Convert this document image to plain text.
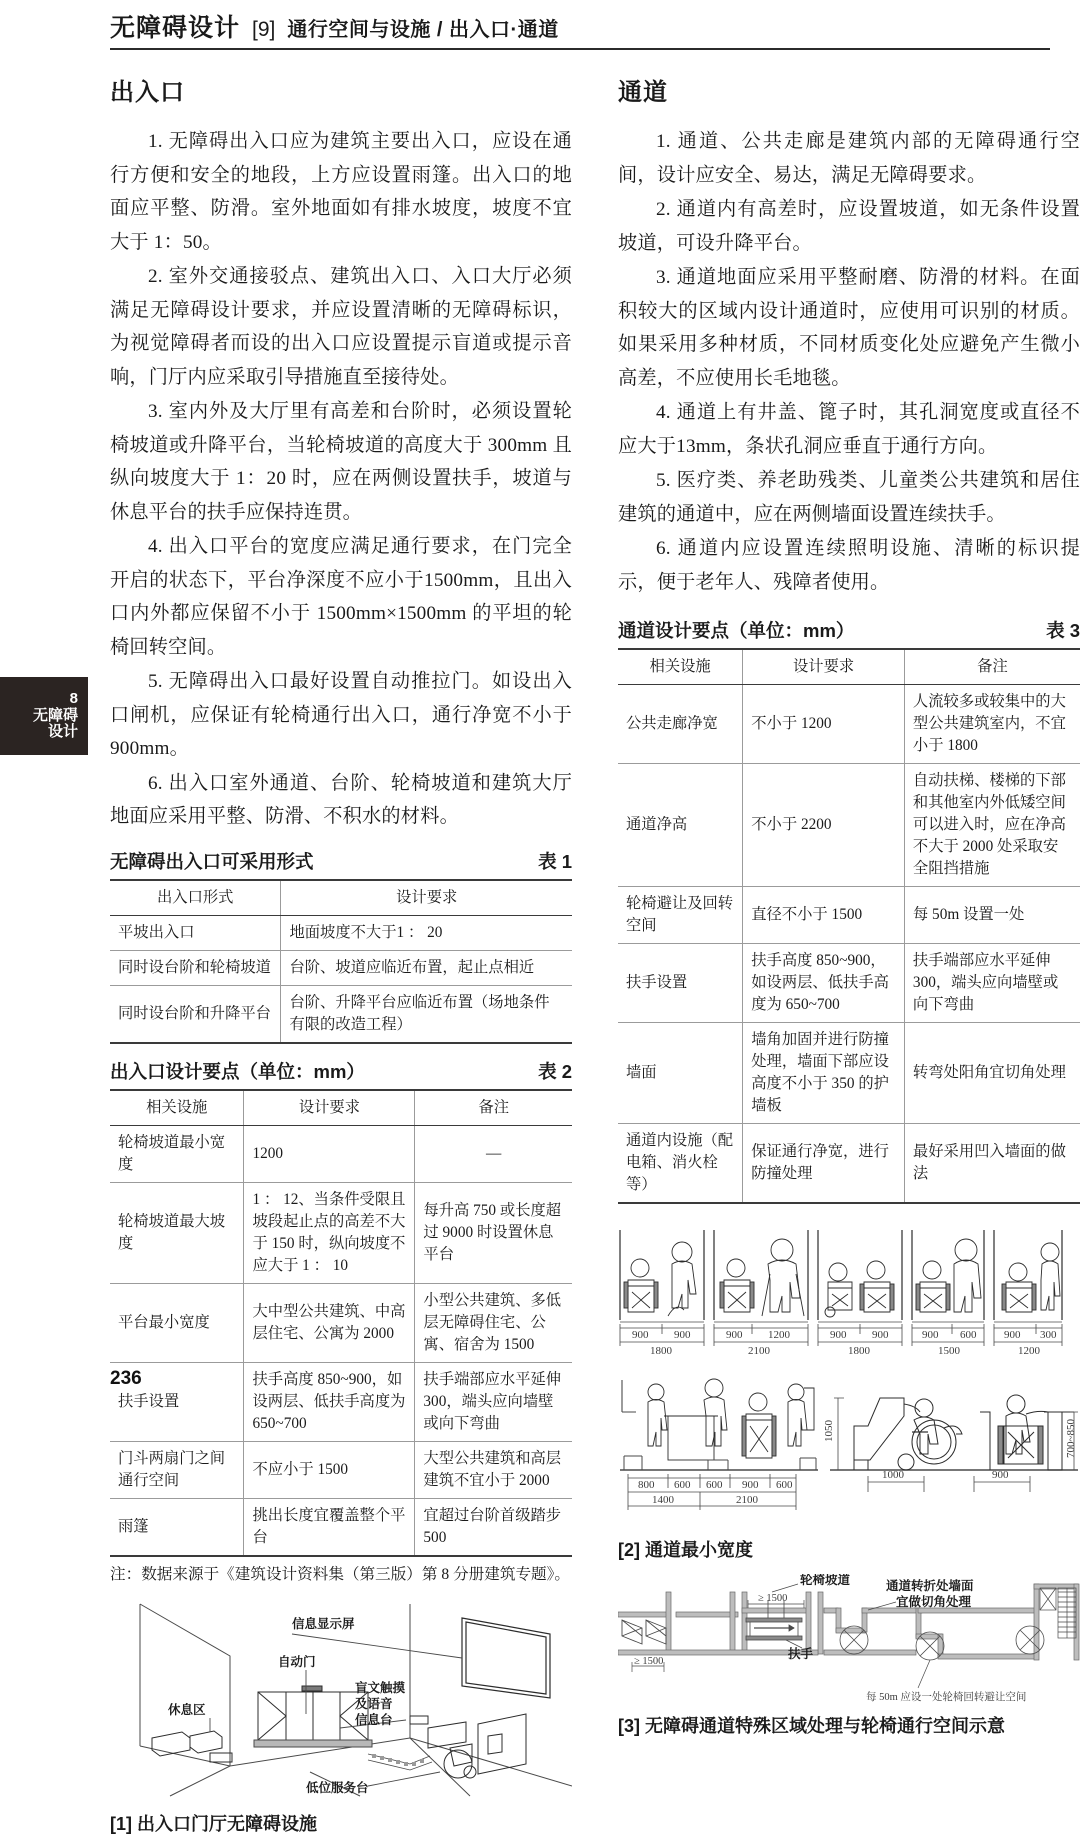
无障碍设计 [9] 通行空间与设施 / 出入口·通道
8
无障碍
设计
出入口

1. 无障碍出入口应为建筑主要出入口，应设在通行方便和安全的地段，上方应设置雨篷。出入口的地面应平整、防滑。室外地面如有排水坡度，坡度不宜大于 1：50。

2. 室外交通接驳点、建筑出入口、入口大厅必须满足无障碍设计要求，并应设置清晰的无障碍标识，为视觉障碍者而设的出入口应设置提示盲道或提示音响，门厅内应采取引导措施直至接待处。

3. 室内外及大厅里有高差和台阶时，必须设置轮椅坡道或升降平台，当轮椅坡道的高度大于 300mm 且纵向坡度大于 1：20 时，应在两侧设置扶手，坡道与休息平台的扶手应保持连贯。

4. 出入口平台的宽度应满足通行要求，在门完全开启的状态下，平台净深度不应小于1500mm，且出入口内外都应保留不小于 1500mm×1500mm 的平坦的轮椅回转空间。

5. 无障碍出入口最好设置自动推拉门。如设出入口闸机，应保证有轮椅通行出入口，通行净宽不小于 900mm。

6. 出入口室外通道、台阶、轮椅坡道和建筑大厅地面应采用平整、防滑、不积水的材料。

无障碍出入口可采用形式	表 1
出入口形式	设计要求
平坡出入口	地面坡度不大于1 ： 20
同时设台阶和轮椅坡道	台阶、坡道应临近布置，起止点相近
同时设台阶和升降平台	台阶、升降平台应临近布置（场地条件有限的改造工程）
出入口设计要点（单位：mm）	表 2
相关设施	设计要求	备注
轮椅坡道最小宽度	1200	—
轮椅坡道最大坡度	1 ： 12、当条件受限且坡段起止点的高差不大于 150 时，纵向坡度不应大于 1 ： 10	每升高 750 或长度超过 9000 时设置休息平台
平台最小宽度	大中型公共建筑、中高层住宅、公寓为 2000	小型公共建筑、多低层无障碍住宅、公寓、宿舍为 1500
扶手设置	扶手高度 850~900，如设两层、低扶手高度为 650~700	扶手端部应水平延伸 300，端头应向墙壁或向下弯曲
门斗两扇门之间通行空间	不应小于 1500	大型公共建筑和高层建筑不宜小于 2000
雨篷	挑出长度宜覆盖整个平台	宜超过台阶首级踏步 500
注：数据来源于《建筑设计资料集（第三版）第 8 分册建筑专题》。
信息显示屏
自动门
盲文触摸
及语音
信息台
休息区
低位服务台
[1] 出入口门厅无障碍设施
通道

1. 通道、公共走廊是建筑内部的无障碍通行空间，设计应安全、易达，满足无障碍要求。

2. 通道内有高差时，应设置坡道，如无条件设置坡道，可设升降平台。

3. 通道地面应采用平整耐磨、防滑的材料。在面积较大的区域内设计通道时，应使用可识别的材质。如果采用多种材质，不同材质变化处应避免产生微小高差，不应使用长毛地毯。

4. 通道上有井盖、篦子时，其孔洞宽度或直径不应大于13mm，条状孔洞应垂直于通行方向。

5. 医疗类、养老助残类、儿童类公共建筑和居住建筑的通道中，应在两侧墙面设置连续扶手。

6. 通道内应设置连续照明设施、清晰的标识提示，便于老年人、残障者使用。

通道设计要点（单位：mm）	表 3
相关设施	设计要求	备注
公共走廊净宽	不小于 1200	人流较多或较集中的大型公共建筑室内，不宜小于 1800
通道净高	不小于 2200	自动扶梯、楼梯的下部和其他室内外低矮空间可以进入时，应在净高不大于 2000 处采取安全阻挡措施
轮椅避让及回转空间	直径不小于 1500	每 50m 设置一处
扶手设置	扶手高度 850~900，如设两层、低扶手高度为 650~700	扶手端部应水平延伸 300，端头应向墙壁或向下弯曲
墙面	墙角加固并进行防撞处理，墙面下部应设高度不小于 350 的护墙板	转弯处阳角宜切角处理
通道内设施（配电箱、消火栓等）	保证通行净宽，进行防撞处理	最好采用凹入墙面的做法
900 900
1800
900 1200
2100
900 900
1800
900 600
1500
900 300
1200
800 600 600 900 600
1400	2100
1050	700~850
1000	900
[2] 通道最小宽度
≥ 1500
≥ 1500
轮椅坡道
扶手
通道转折处墙面
宜做切角处理
每 50m 应设一处轮椅回转避让空间
[3] 无障碍通道特殊区域处理与轮椅通行空间示意
236
